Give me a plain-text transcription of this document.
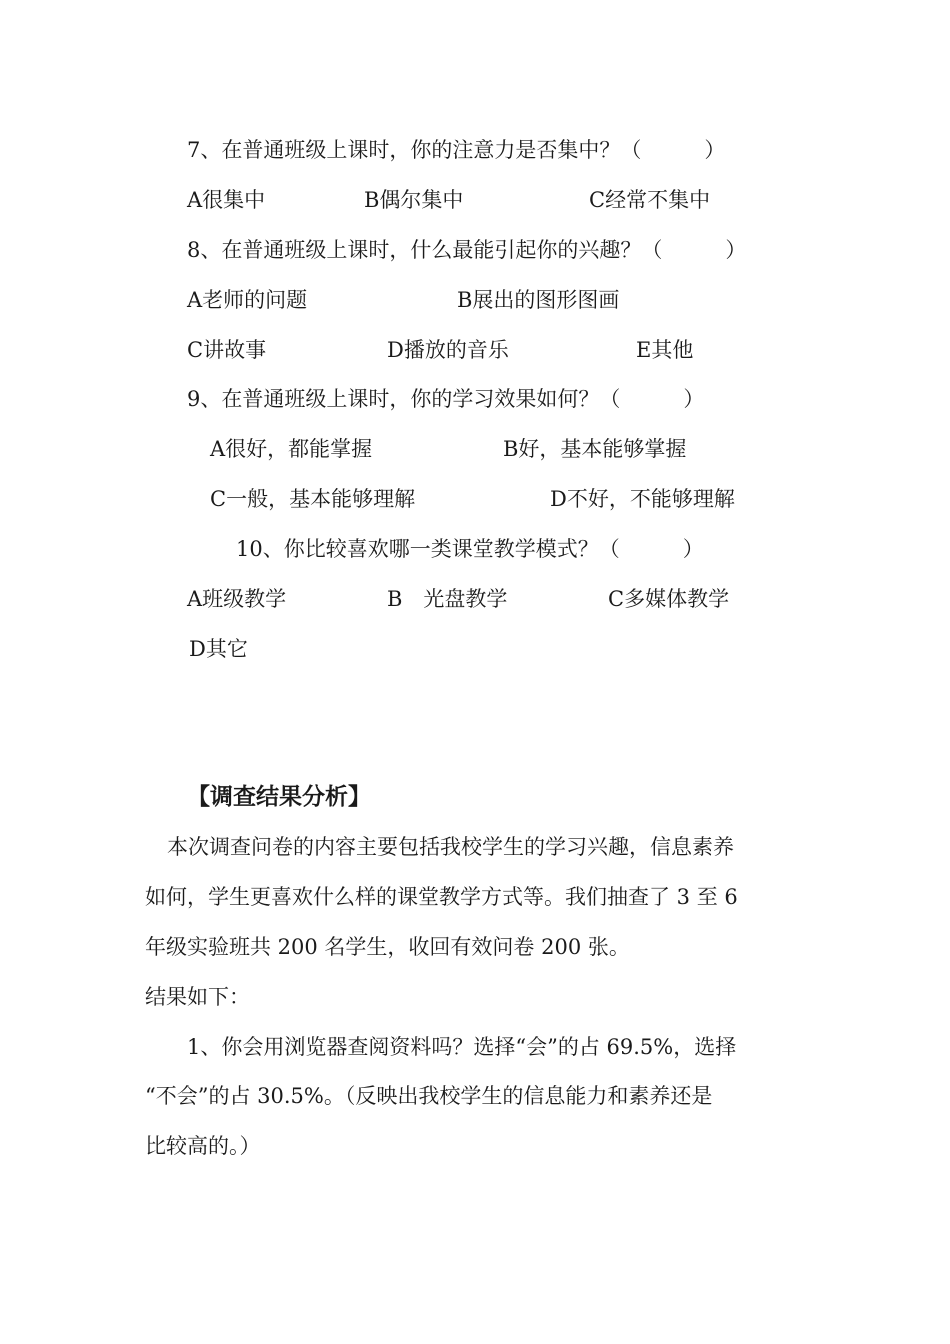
7、在普通班级上课时，你的注意力是否集中？（　　　）
A很集中	B偶尔集中	C经常不集中
8、在普通班级上课时，什么最能引起你的兴趣？（　　　）
A老师的问题	B展出的图形图画
C讲故事	D播放的音乐	E其他
9、在普通班级上课时，你的学习效果如何？（　　　）
A很好，都能掌握	B好，基本能够掌握
C一般，基本能够理解	D不好，不能够理解
10、你比较喜欢哪一类课堂教学模式？（　　　）
A班级教学	B　光盘教学	C多媒体教学
D其它
【调查结果分析】
本次调查问卷的内容主要包括我校学生的学习兴趣，信息素养
如何，学生更喜欢什么样的课堂教学方式等。我们抽查了 3 至 6
年级实验班共 200 名学生，收回有效问卷 200 张。
结果如下：
1、你会用浏览器查阅资料吗？选择“会”的占 69.5%，选择
“不会”的占 30.5%。（反映出我校学生的信息能力和素养还是
比较高的。）
